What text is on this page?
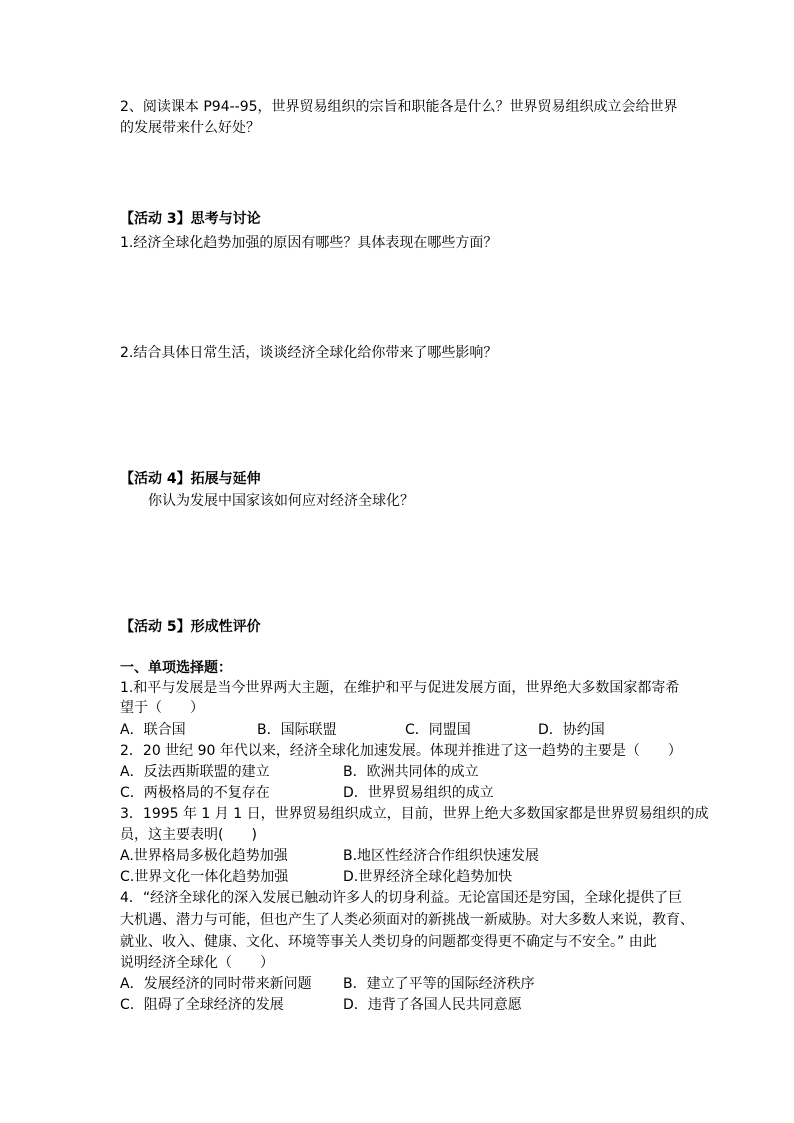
2、阅读课本 P94--95，世界贸易组织的宗旨和职能各是什么？世界贸易组织成立会给世界
的发展带来什么好处？
【活动 3】思考与讨论
1.经济全球化趋势加强的原因有哪些？具体表现在哪些方面？
2.结合具体日常生活，谈谈经济全球化给你带来了哪些影响？
【活动 4】拓展与延伸
你认为发展中国家该如何应对经济全球化？
【活动 5】形成性评价
一、单项选择题：
1.和平与发展是当今世界两大主题，在维护和平与促进发展方面，世界绝大多数国家都寄希
望于（　　）
A．联合国	B．国际联盟	C．同盟国	D．协约国
2．20 世纪 90 年代以来，经济全球化加速发展。体现并推进了这一趋势的主要是（　　）
A．反法西斯联盟的建立	B．欧洲共同体的成立
C．两极格局的不复存在	D．世界贸易组织的成立
3．1995 年 1 月 1 日，世界贸易组织成立，目前，世界上绝大多数国家都是世界贸易组织的成
员，这主要表明(　　)
A.世界格局多极化趋势加强	B.地区性经济合作组织快速发展
C.世界文化一体化趋势加强	D.世界经济全球化趋势加快
4．“经济全球化的深入发展已触动许多人的切身利益。无论富国还是穷国，全球化提供了巨
大机遇、潜力与可能，但也产生了人类必须面对的新挑战一新威胁。对大多数人来说，教育、
就业、收入、健康、文化、环境等事关人类切身的问题都变得更不确定与不安全。” 由此
说明经济全球化（　　）
A．发展经济的同时带来新问题 B．建立了平等的国际经济秩序
C．阻碍了全球经济的发展	D．违背了各国人民共同意愿
